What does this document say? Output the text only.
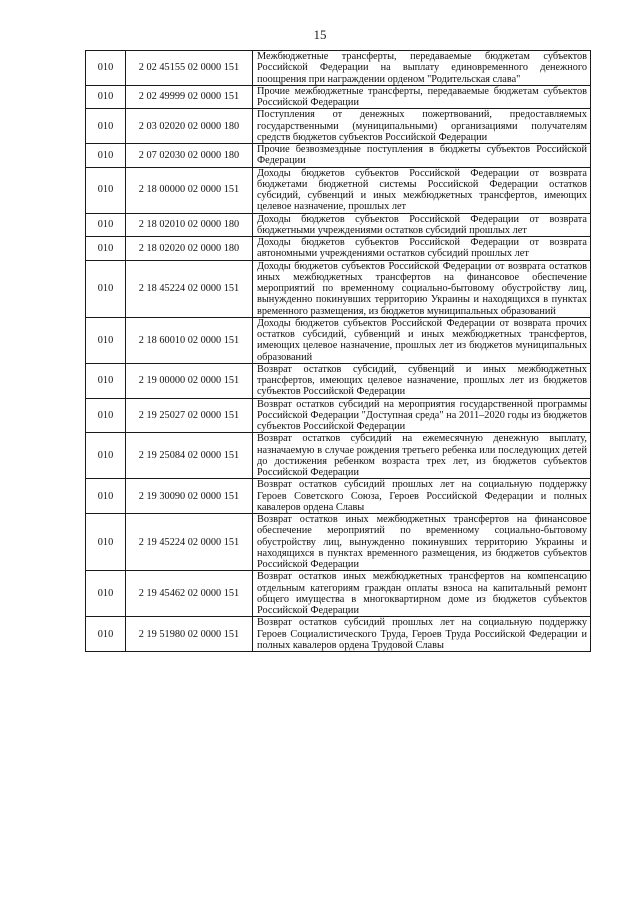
15
010	2 02 45155 02 0000 151	Межбюджетные трансферты, передаваемые бюджетам субъектов Российской Федерации на выплату единовременного денежного поощрения при награждении орденом "Родительская слава"
010	2 02 49999 02 0000 151	Прочие межбюджетные трансферты, передаваемые бюджетам субъектов Российской Федерации
010	2 03 02020 02 0000 180	Поступления от денежных пожертвований, предоставляемых государственными (муниципальными) организациями получателям средств бюджетов субъектов Российской Федерации
010	2 07 02030 02 0000 180	Прочие безвозмездные поступления в бюджеты субъектов Российской Федерации
010	2 18 00000 02 0000 151	Доходы бюджетов субъектов Российской Федерации от возврата бюджетами бюджетной системы Российской Федерации остатков субсидий, субвенций и иных межбюджетных трансфертов, имеющих целевое назначение, прошлых лет
010	2 18 02010 02 0000 180	Доходы бюджетов субъектов Российской Федерации от возврата бюджетными учреждениями остатков субсидий прошлых лет
010	2 18 02020 02 0000 180	Доходы бюджетов субъектов Российской Федерации от возврата автономными учреждениями остатков субсидий прошлых лет
010	2 18 45224 02 0000 151	Доходы бюджетов субъектов Российской Федерации от возврата остатков иных межбюджетных трансфертов на финансовое обеспечение мероприятий по временному социально-бытовому обустройству лиц, вынужденно покинувших территорию Украины и находящихся в пунктах временного размещения, из бюджетов муниципальных образований
010	2 18 60010 02 0000 151	Доходы бюджетов субъектов Российской Федерации от возврата прочих остатков субсидий, субвенций и иных межбюджетных трансфертов, имеющих целевое назначение, прошлых лет из бюджетов муниципальных образований
010	2 19 00000 02 0000 151	Возврат остатков субсидий, субвенций и иных межбюджетных трансфертов, имеющих целевое назначение, прошлых лет из бюджетов субъектов Российской Федерации
010	2 19 25027 02 0000 151	Возврат остатков субсидий на мероприятия государственной программы Российской Федерации "Доступная среда" на 2011–2020 годы из бюджетов субъектов Российской Федерации
010	2 19 25084 02 0000 151	Возврат остатков субсидий на ежемесячную денежную выплату, назначаемую в случае рождения третьего ребенка или последующих детей до достижения ребенком возраста трех лет, из бюджетов субъектов Российской Федерации
010	2 19 30090 02 0000 151	Возврат остатков субсидий прошлых лет на социальную поддержку Героев Советского Союза, Героев Российской Федерации и полных кавалеров ордена Славы
010	2 19 45224 02 0000 151	Возврат остатков иных межбюджетных трансфертов на финансовое обеспечение мероприятий по временному социально-бытовому обустройству лиц, вынужденно покинувших территорию Украины и находящихся в пунктах временного размещения, из бюджетов субъектов Российской Федерации
010	2 19 45462 02 0000 151	Возврат остатков иных межбюджетных трансфертов на компенсацию отдельным категориям граждан оплаты взноса на капитальный ремонт общего имущества в многоквартирном доме из бюджетов субъектов Российской Федерации
010	2 19 51980 02 0000 151	Возврат остатков субсидий прошлых лет на социальную поддержку Героев Социалистического Труда, Героев Труда Российской Федерации и полных кавалеров ордена Трудовой Славы
